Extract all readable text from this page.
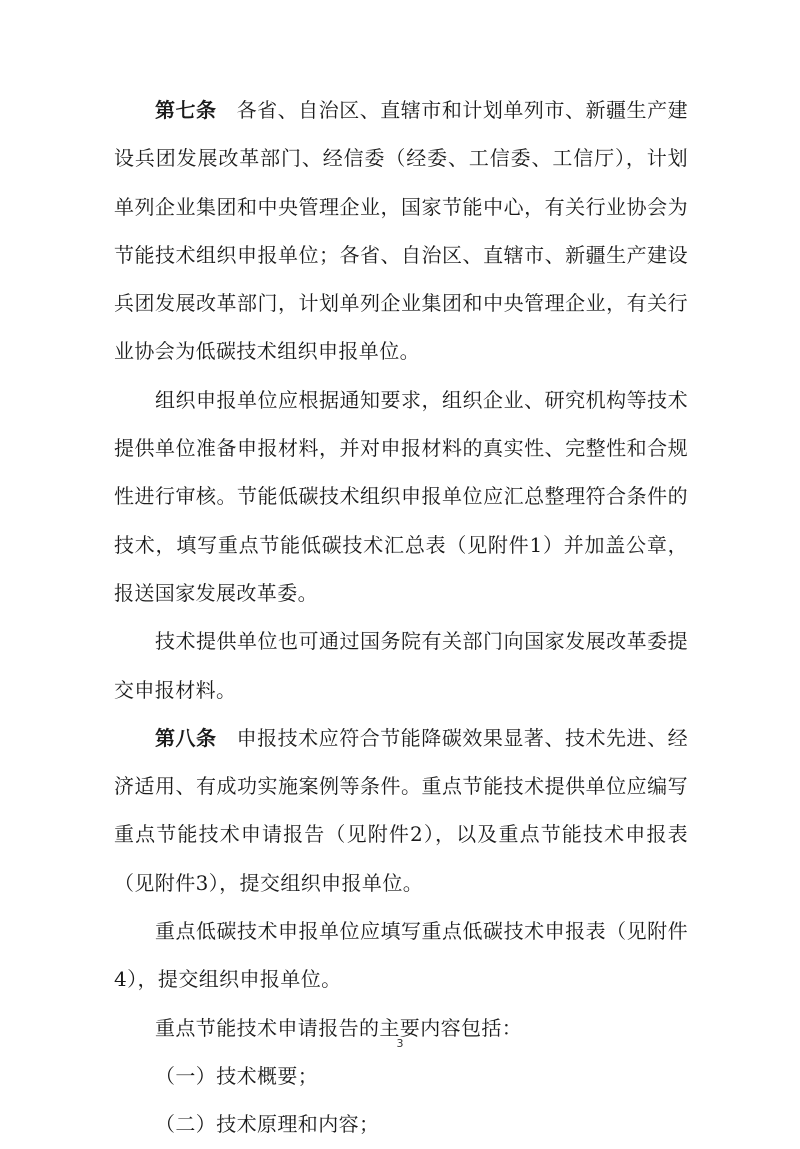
第七条 各省、自治区、直辖市和计划单列市、新疆生产建设兵团发展改革部门、经信委（经委、工信委、工信厅），计划单列企业集团和中央管理企业，国家节能中心，有关行业协会为节能技术组织申报单位；各省、自治区、直辖市、新疆生产建设兵团发展改革部门，计划单列企业集团和中央管理企业，有关行业协会为低碳技术组织申报单位。

组织申报单位应根据通知要求，组织企业、研究机构等技术提供单位准备申报材料，并对申报材料的真实性、完整性和合规性进行审核。节能低碳技术组织申报单位应汇总整理符合条件的技术，填写重点节能低碳技术汇总表（见附件1）并加盖公章，报送国家发展改革委。

技术提供单位也可通过国务院有关部门向国家发展改革委提交申报材料。

第八条 申报技术应符合节能降碳效果显著、技术先进、经济适用、有成功实施案例等条件。重点节能技术提供单位应编写重点节能技术申请报告（见附件2），以及重点节能技术申报表（见附件3），提交组织申报单位。

重点低碳技术申报单位应填写重点低碳技术申报表（见附件4），提交组织申报单位。

重点节能技术申请报告的主要内容包括：

（一）技术概要；

（二）技术原理和内容；

3
